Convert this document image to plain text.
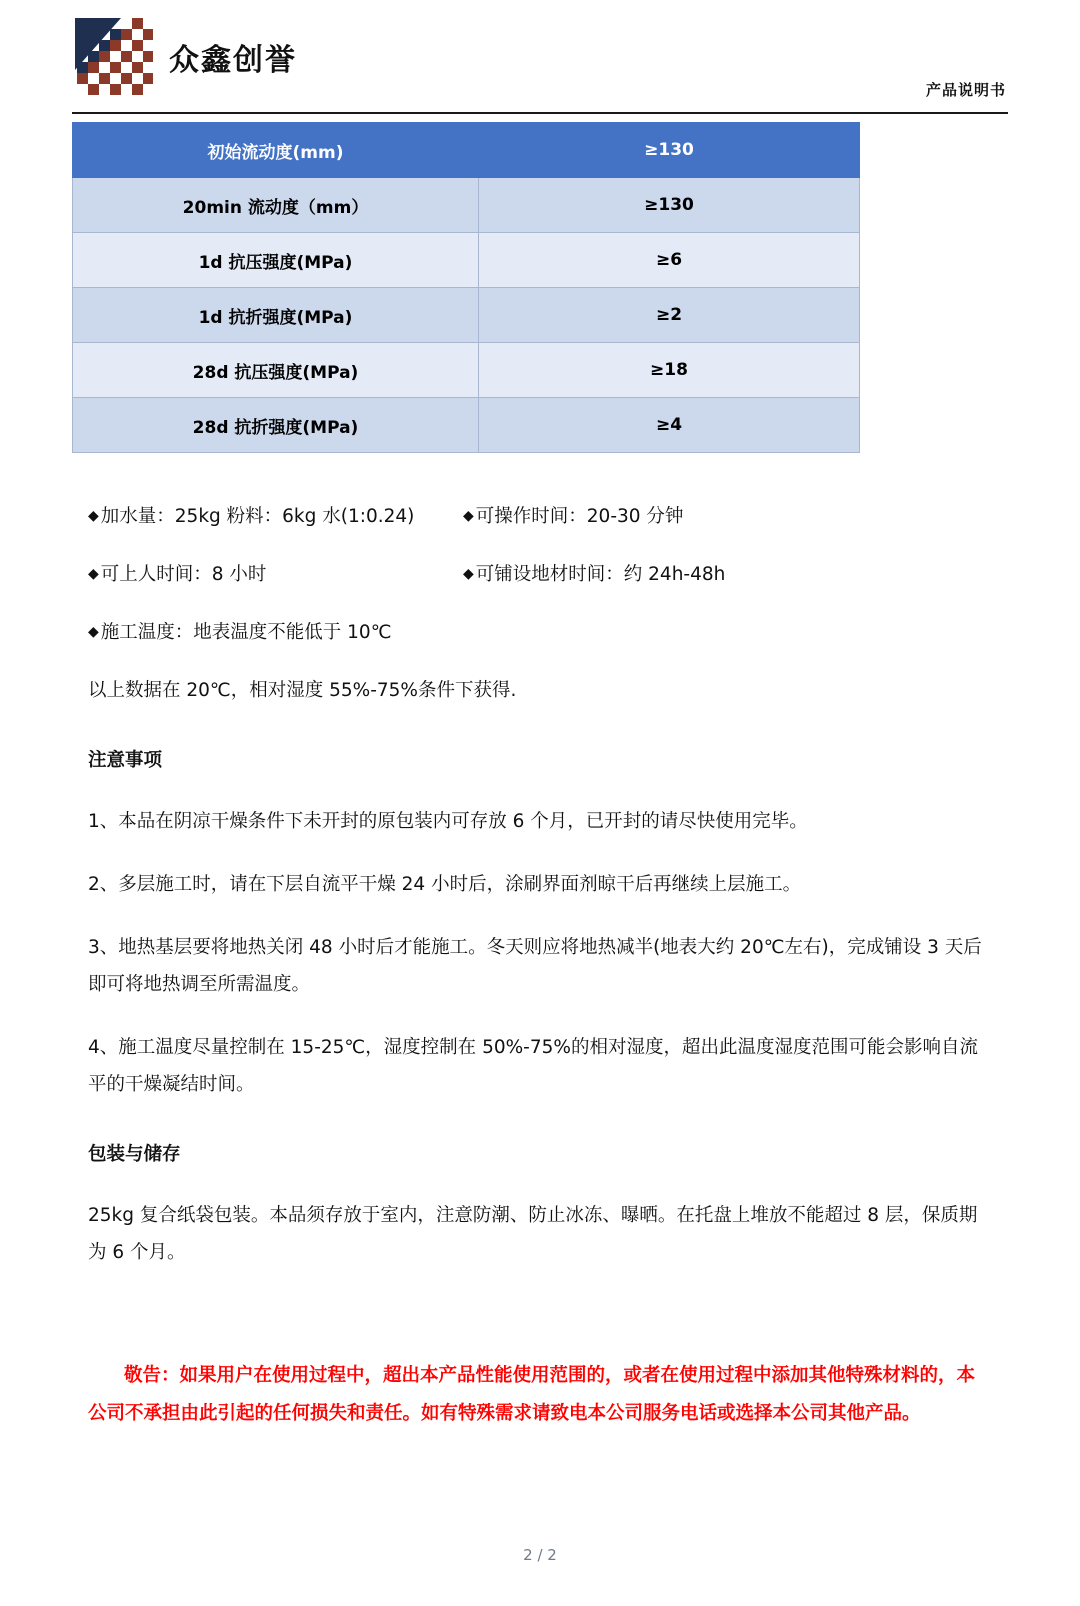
众鑫创誉
产品说明书
初始流动度(mm)	≥130
20min 流动度（mm）	≥130
1d 抗压强度(MPa)	≥6
1d 抗折强度(MPa)	≥2
28d 抗压强度(MPa)	≥18
28d 抗折强度(MPa)	≥4
◆ 加水量：25kg 粉料：6kg 水(1:0.24)	◆ 可操作时间：20-30 分钟
◆ 可上人时间：8 小时	◆ 可铺设地材时间：约 24h-48h
◆ 施工温度：地表温度不能低于 10℃
以上数据在 20℃，相对湿度 55%-75%条件下获得.
注意事项
1、本品在阴凉干燥条件下未开封的原包装内可存放 6 个月，已开封的请尽快使用完毕。
2、多层施工时，请在下层自流平干燥 24 小时后，涂刷界面剂晾干后再继续上层施工。
3、地热基层要将地热关闭 48 小时后才能施工。冬天则应将地热减半(地表大约 20℃左右)，完成铺设 3 天后即可将地热调至所需温度。
4、施工温度尽量控制在 15-25℃，湿度控制在 50%-75%的相对湿度，超出此温度湿度范围可能会影响自流平的干燥凝结时间。
包装与储存
25kg 复合纸袋包装。本品须存放于室内，注意防潮、防止冰冻、曝晒。在托盘上堆放不能超过 8 层，保质期为 6 个月。
敬告：如果用户在使用过程中，超出本产品性能使用范围的，或者在使用过程中添加其他特殊材料的，本公司不承担由此引起的任何损失和责任。如有特殊需求请致电本公司服务电话或选择本公司其他产品。
2 / 2
